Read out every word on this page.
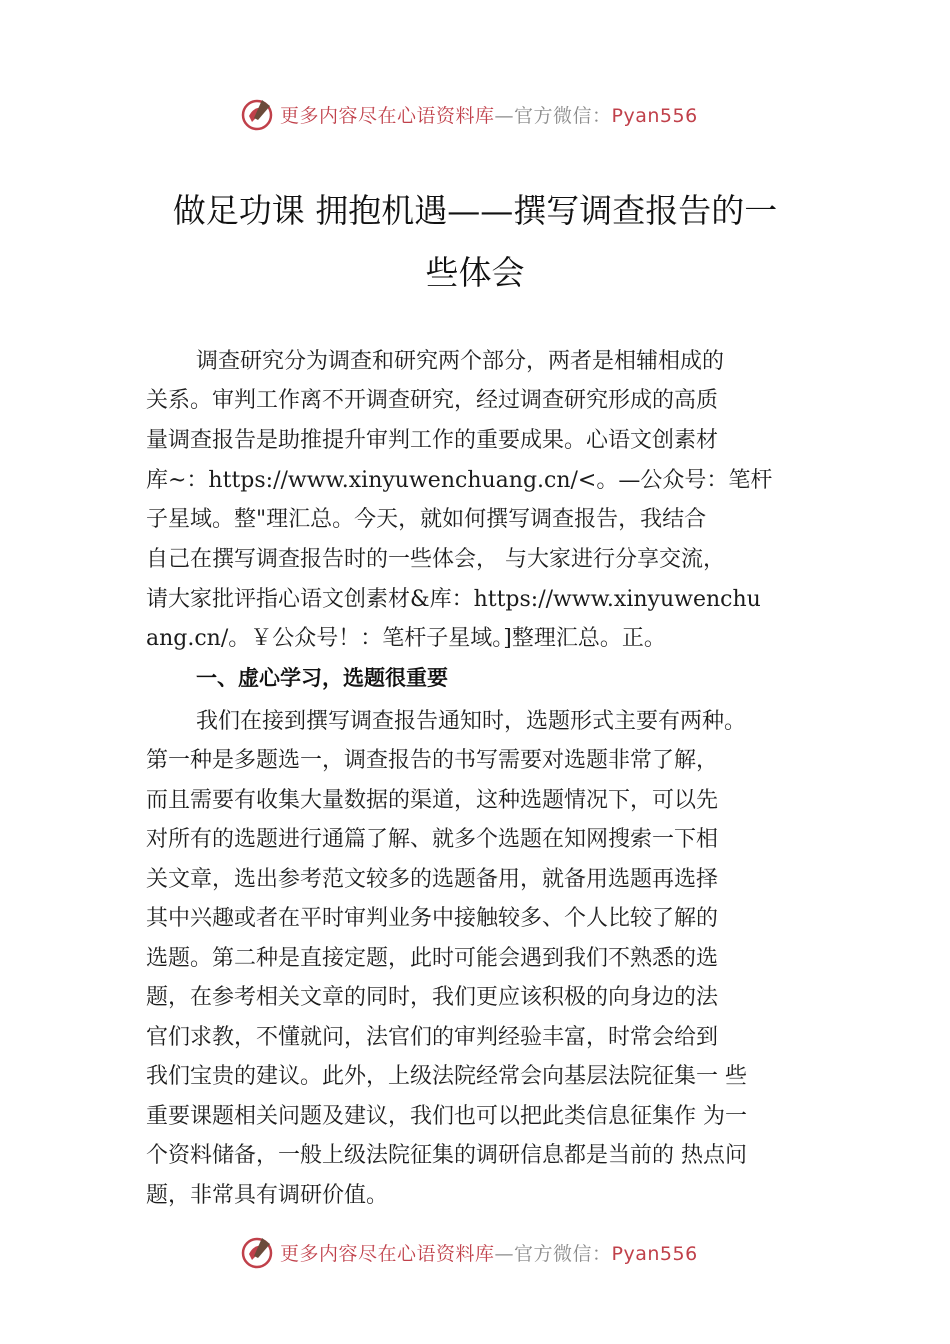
更多内容尽在心语资料库—官方微信：Pyan556
做足功课 拥抱机遇——撰写调查报告的一
些体会
调查研究分为调查和研究两个部分，两者是相辅相成的
关系。审判工作离不开调查研究，经过调查研究形成的高质
量调查报告是助推提升审判工作的重要成果。心语文创素材
库~：https://www.xinyuwenchuang.cn/<。—公众号：笔杆
子星域。整"理汇总。今天，就如何撰写调查报告，我结合
自己在撰写调查报告时的一些体会， 与大家进行分享交流，
请大家批评指心语文创素材&库：https://www.xinyuwenchu
ang.cn/。￥公众号！：笔杆子星域。]整理汇总。正。
一、虚心学习，选题很重要
我们在接到撰写调查报告通知时，选题形式主要有两种。
第一种是多题选一，调查报告的书写需要对选题非常了解，
而且需要有收集大量数据的渠道，这种选题情况下，可以先
对所有的选题进行通篇了解、就多个选题在知网搜索一下相
关文章，选出参考范文较多的选题备用，就备用选题再选择
其中兴趣或者在平时审判业务中接触较多、个人比较了解的
选题。第二种是直接定题，此时可能会遇到我们不熟悉的选
题，在参考相关文章的同时，我们更应该积极的向身边的法
官们求教，不懂就问，法官们的审判经验丰富，时常会给到
我们宝贵的建议。此外，上级法院经常会向基层法院征集一 些
重要课题相关问题及建议，我们也可以把此类信息征集作 为一
个资料储备，一般上级法院征集的调研信息都是当前的 热点问
题，非常具有调研价值。
更多内容尽在心语资料库—官方微信：Pyan556
